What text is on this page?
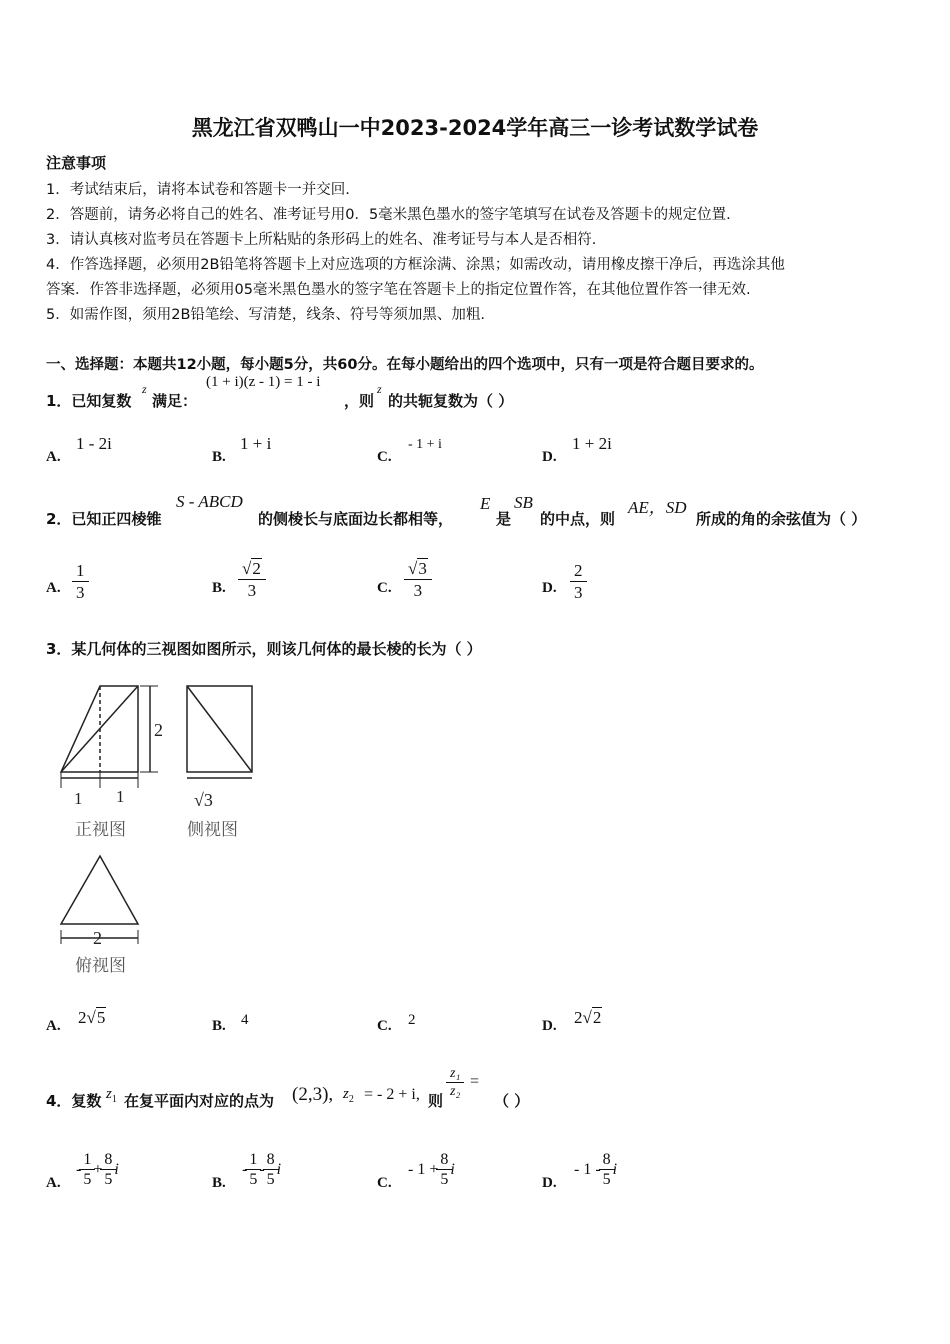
黑龙江省双鸭山一中2023-2024学年高三一诊考试数学试卷
注意事项
1．考试结束后，请将本试卷和答题卡一并交回.
2．答题前，请务必将自己的姓名、准考证号用0．5毫米黑色墨水的签字笔填写在试卷及答题卡的规定位置.
3．请认真核对监考员在答题卡上所粘贴的条形码上的姓名、准考证号与本人是否相符.
4．作答选择题，必须用2B铅笔将答题卡上对应选项的方框涂满、涂黑；如需改动，请用橡皮擦干净后，再选涂其他
答案．作答非选择题，必须用05毫米黑色墨水的签字笔在答题卡上的指定位置作答，在其他位置作答一律无效.
5．如需作图，须用2B铅笔绘、写清楚，线条、符号等须加黑、加粗.
一、选择题：本题共12小题，每小题5分，共60分。在每小题给出的四个选项中，只有一项是符合题目要求的。
1．已知复数
z
满足：
(1 + i)(z - 1) = 1 - i
，则
z
的共轭复数为（ ）
A.
1 - 2i
B.
1 + i
C.
- 1 + i
D.
1 + 2i
2．已知正四棱锥
S - ABCD
的侧棱长与底面边长都相等，
E
是
SB
的中点，则
AE，SD
所成的角的余弦值为（ ）
A. $\frac{1}{3}$	B. $\frac{√2}{3}$	C. $\frac{√3}{3}$	D. $\frac{2}{3}$
3．某几何体的三视图如图所示，则该几何体的最长棱的长为（ ）
2
1 1
正视图
√3
侧视图
2
俯视图
A. 2√5	B. 4	C. 2	D. 2√2
4．复数 $z_1$ 在复平面内对应的点为 (2,3), $z_2$ = - 2 + i, 则
$\frac{\text{z₁}}{\text{z₂}}$ =
（ ）
A.
- $\frac{1}{5} + \frac{8}{5}$ i
B.
- $\frac{1}{5} - \frac{8}{5}$ i
C.
- $1 + \frac{8}{5}$ i
D.
- $1 - \frac{8}{5}$ i
